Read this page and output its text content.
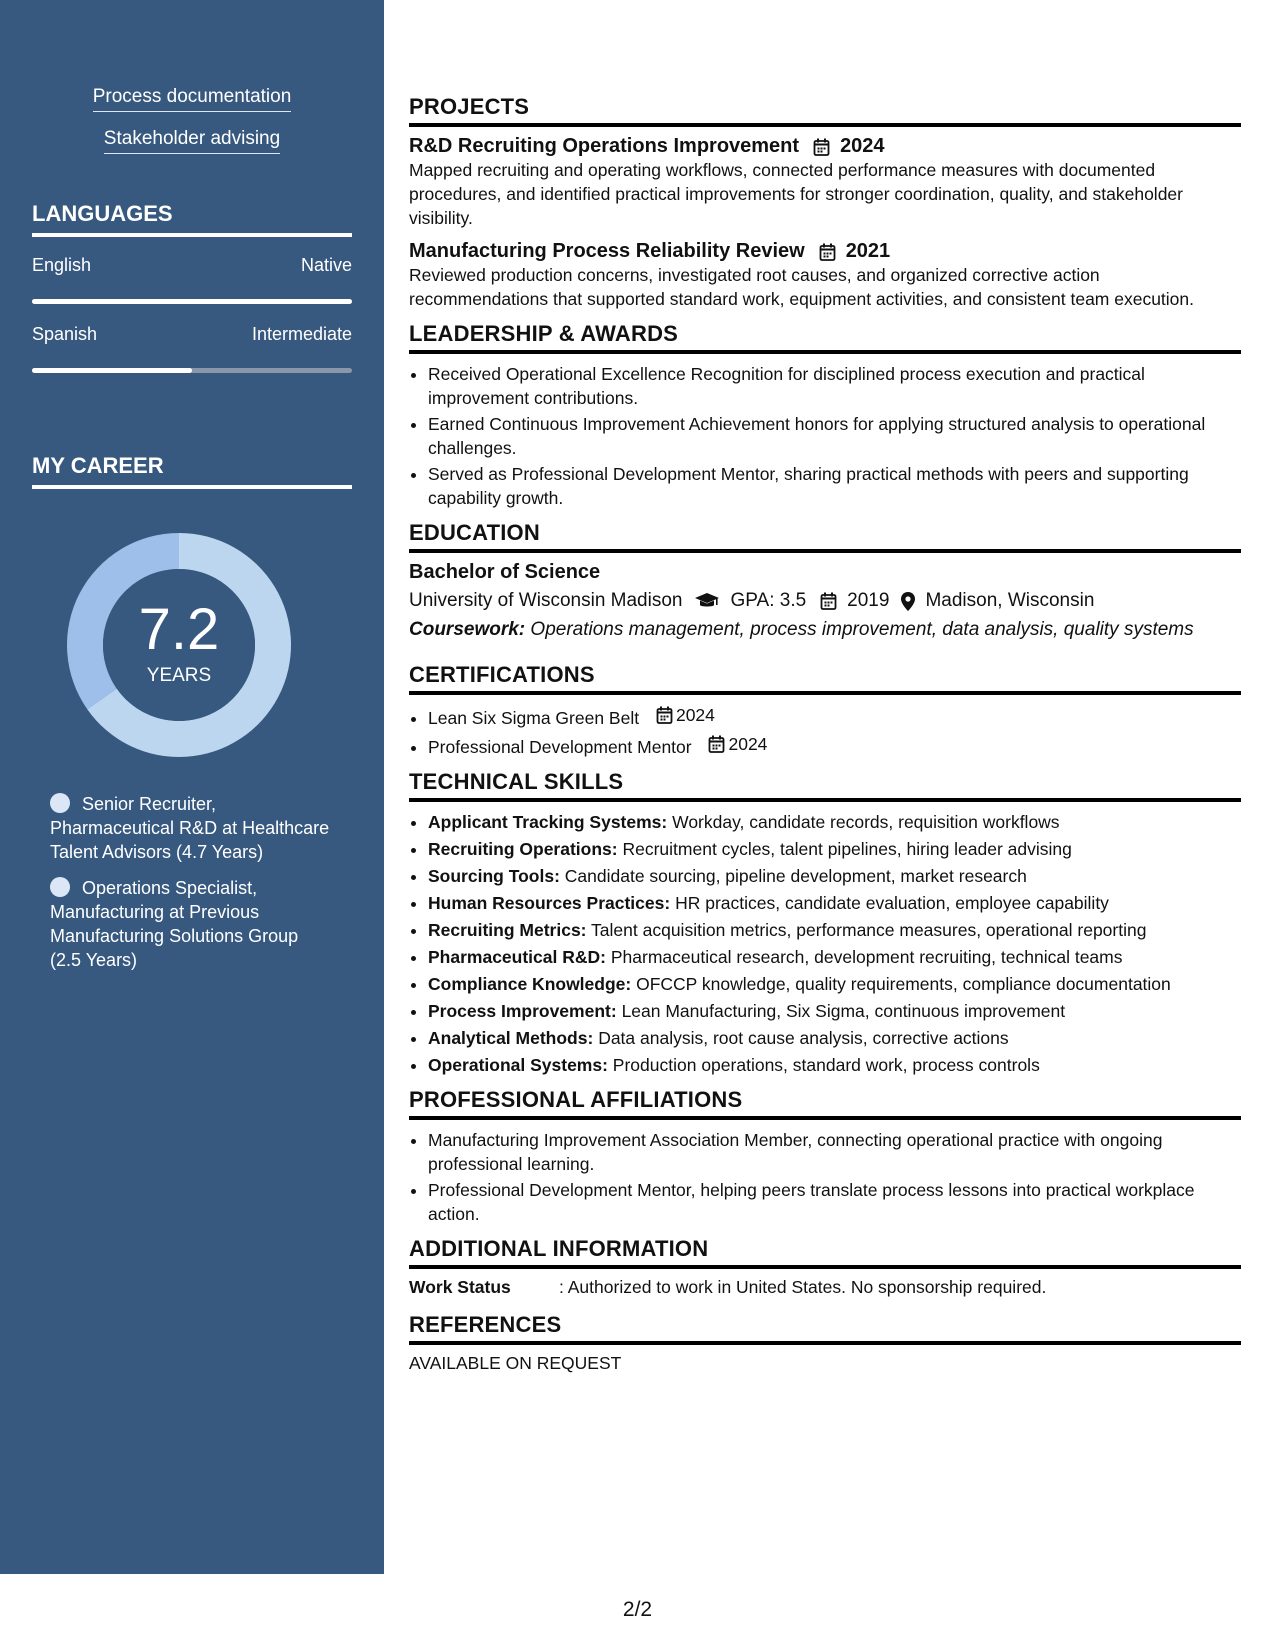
Process documentation
Stakeholder advising
LANGUAGES
English	Native
Spanish	Intermediate
MY CAREER
7.2
YEARS
Senior Recruiter, Pharmaceutical R&D at Healthcare Talent Advisors (4.7 Years)
Operations Specialist, Manufacturing at Previous Manufacturing Solutions Group (2.5 Years)
PROJECTS
R&D Recruiting Operations Improvement 2024
Mapped recruiting and operating workflows, connected performance measures with documented procedures, and identified practical improvements for stronger coordination, quality, and stakeholder visibility.
Manufacturing Process Reliability Review 2021
Reviewed production concerns, investigated root causes, and organized corrective action recommendations that supported standard work, equipment activities, and consistent team execution.
LEADERSHIP & AWARDS
• Received Operational Excellence Recognition for disciplined process execution and practical improvement contributions.
• Earned Continuous Improvement Achievement honors for applying structured analysis to operational challenges.
• Served as Professional Development Mentor, sharing practical methods with peers and supporting capability growth.
EDUCATION
Bachelor of Science
University of Wisconsin Madison	GPA: 3.5 2019 Madison, Wisconsin
Coursework: Operations management, process improvement, data analysis, quality systems
CERTIFICATIONS
• Lean Six Sigma Green Belt 2024
• Professional Development Mentor 2024
TECHNICAL SKILLS
• Applicant Tracking Systems: Workday, candidate records, requisition workflows
• Recruiting Operations: Recruitment cycles, talent pipelines, hiring leader advising
• Sourcing Tools: Candidate sourcing, pipeline development, market research
• Human Resources Practices: HR practices, candidate evaluation, employee capability
• Recruiting Metrics: Talent acquisition metrics, performance measures, operational reporting
• Pharmaceutical R&D: Pharmaceutical research, development recruiting, technical teams
• Compliance Knowledge: OFCCP knowledge, quality requirements, compliance documentation
• Process Improvement: Lean Manufacturing, Six Sigma, continuous improvement
• Analytical Methods: Data analysis, root cause analysis, corrective actions
• Operational Systems: Production operations, standard work, process controls
PROFESSIONAL AFFILIATIONS
• Manufacturing Improvement Association Member, connecting operational practice with ongoing professional learning.
• Professional Development Mentor, helping peers translate process lessons into practical workplace action.
ADDITIONAL INFORMATION
Work Status	: Authorized to work in United States. No sponsorship required.
REFERENCES
AVAILABLE ON REQUEST
2/2
